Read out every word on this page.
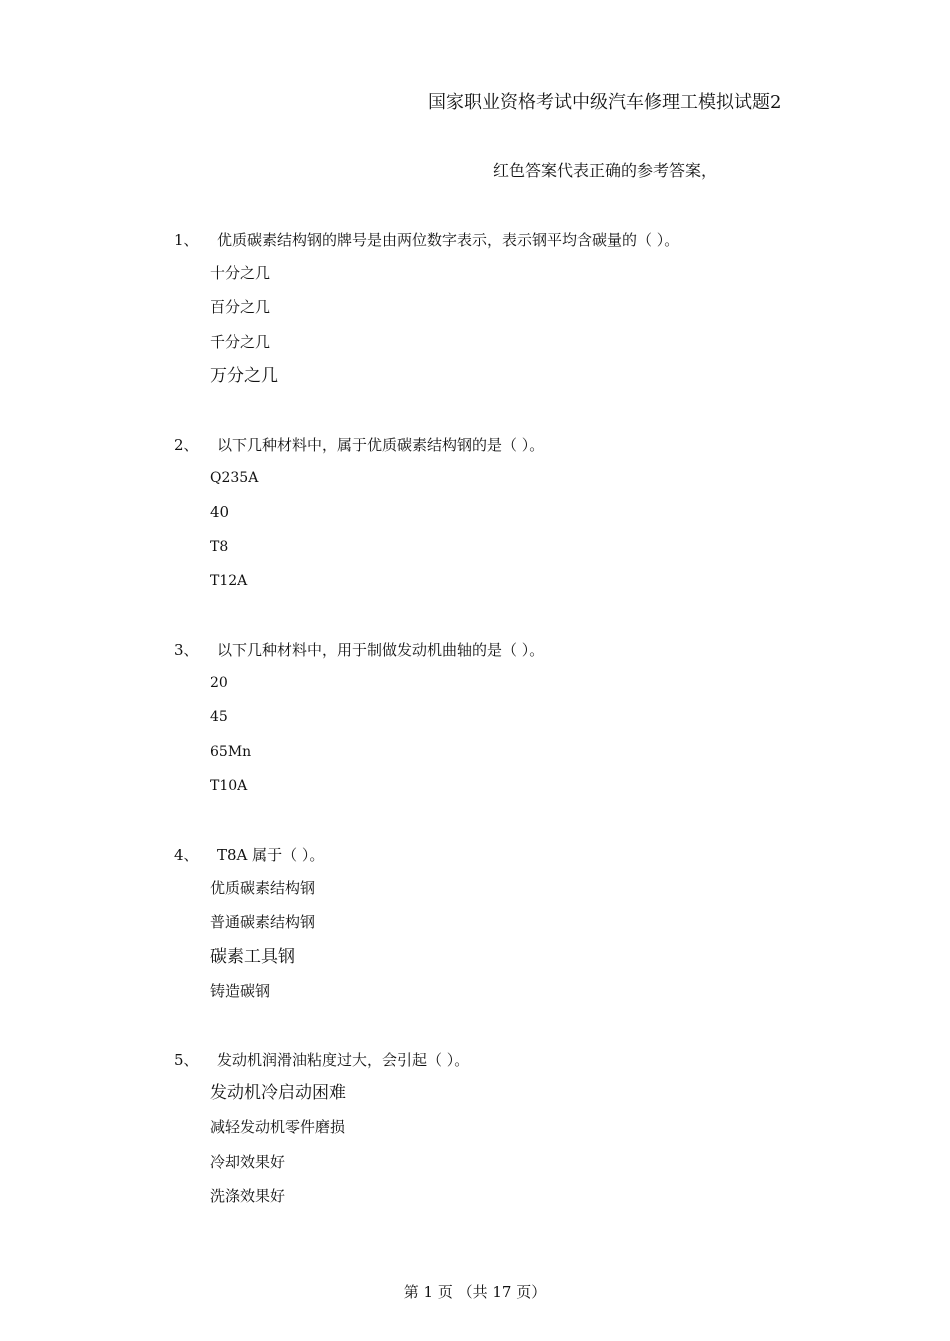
国家职业资格考试中级汽车修理工模拟试题2
红色答案代表正确的参考答案，
1、 优质碳素结构钢的牌号是由两位数字表示，表示钢平均含碳量的（ ）。
十分之几
百分之几
千分之几
万分之几
2、 以下几种材料中，属于优质碳素结构钢的是（ ）。
Q235A
40
T8
T12A
3、 以下几种材料中，用于制做发动机曲轴的是（ ）。
20
45
65Mn
T10A
4、 T8A 属于（ ）。
优质碳素结构钢
普通碳素结构钢
碳素工具钢
铸造碳钢
5、 发动机润滑油粘度过大，会引起（ ）。
发动机冷启动困难
减轻发动机零件磨损
冷却效果好
洗涤效果好
第 1 页 （共 17 页）
